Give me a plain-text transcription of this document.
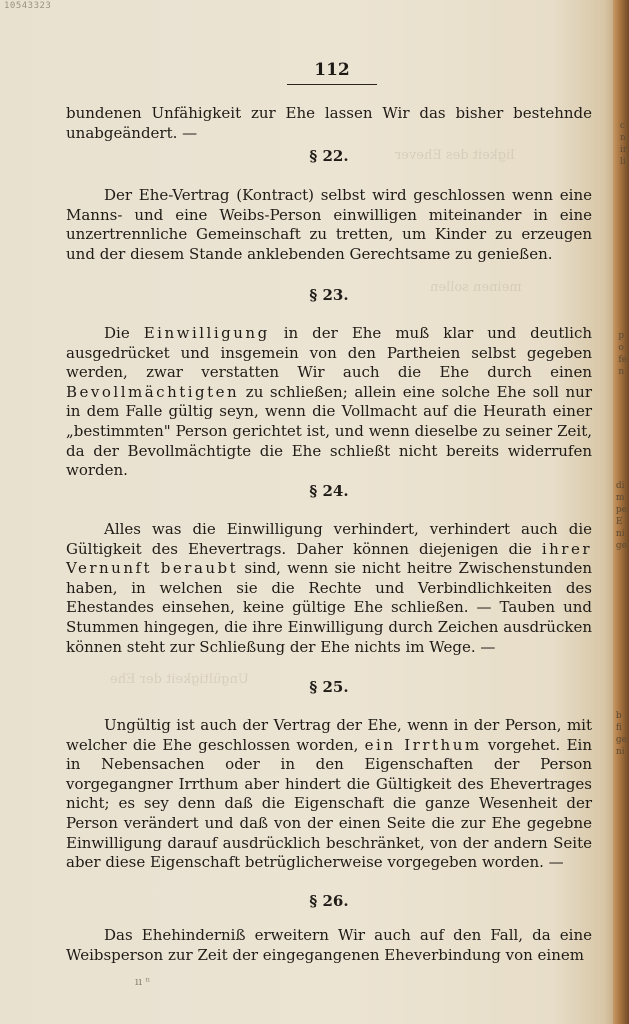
10543323
ligkeit des Ehever
meinen sollen
Ungültigkeit der Ehe
c
n
ir
li
p
o
fe
n
di
m
pe
E
ni
ge
b
fi
ge
ni
112
bundenen Unfähigkeit zur Ehe lassen Wir das bisher bestehnde unabgeändert. —
§ 22.
Der Ehe-Vertrag (Kontract) selbst wird geschlossen wenn eine Manns- und eine Weibs-Person einwilligen miteinander in eine unzertrennliche Gemeinschaft zu tretten, um Kinder zu erzeugen und der diesem Stande anklebenden Gerechtsame zu genießen.
§ 23.
Die Einwilligung in der Ehe muß klar und deutlich ausgedrücket und insgemein von den Partheien selbst gegeben werden, zwar verstatten Wir auch die Ehe durch einen Bevollmächtigten zu schließen; allein eine solche Ehe soll nur in dem Falle gültig seyn, wenn die Vollmacht auf die Heurath einer „bestimmten" Person gerichtet ist, und wenn dieselbe zu seiner Zeit, da der Bevollmächtigte die Ehe schließt nicht bereits widerrufen worden.
§ 24.
Alles was die Einwilligung verhindert, verhindert auch die Gültigkeit des Ehevertrags. Daher können diejenigen die ihrer Vernunft beraubt sind, wenn sie nicht heitre Zwischenstunden haben, in welchen sie die Rechte und Verbindlichkeiten des Ehestandes einsehen, keine gültige Ehe schließen. — Tauben und Stummen hingegen, die ihre Einwilligung durch Zeichen ausdrücken können steht zur Schließung der Ehe nichts im Wege. —
§ 25.
Ungültig ist auch der Vertrag der Ehe, wenn in der Person, mit welcher die Ehe geschlossen worden, ein Irrthum vorgehet. Ein in Nebensachen oder in den Eigenschaften der Person vorgegangner Irrthum aber hindert die Gültigkeit des Ehevertrages nicht; es sey denn daß die Eigenschaft die ganze Wesenheit der Person verändert und daß von der einen Seite die zur Ehe gegebne Einwilligung darauf ausdrücklich beschränket, von der andern Seite aber diese Eigenschaft betrüglicherweise vorgegeben worden. —
§ 26.
Das Ehehinderniß erweitern Wir auch auf den Fall, da eine Weibsperson zur Zeit der eingegangenen Eheverbindung von einem
ıı ⁿ
